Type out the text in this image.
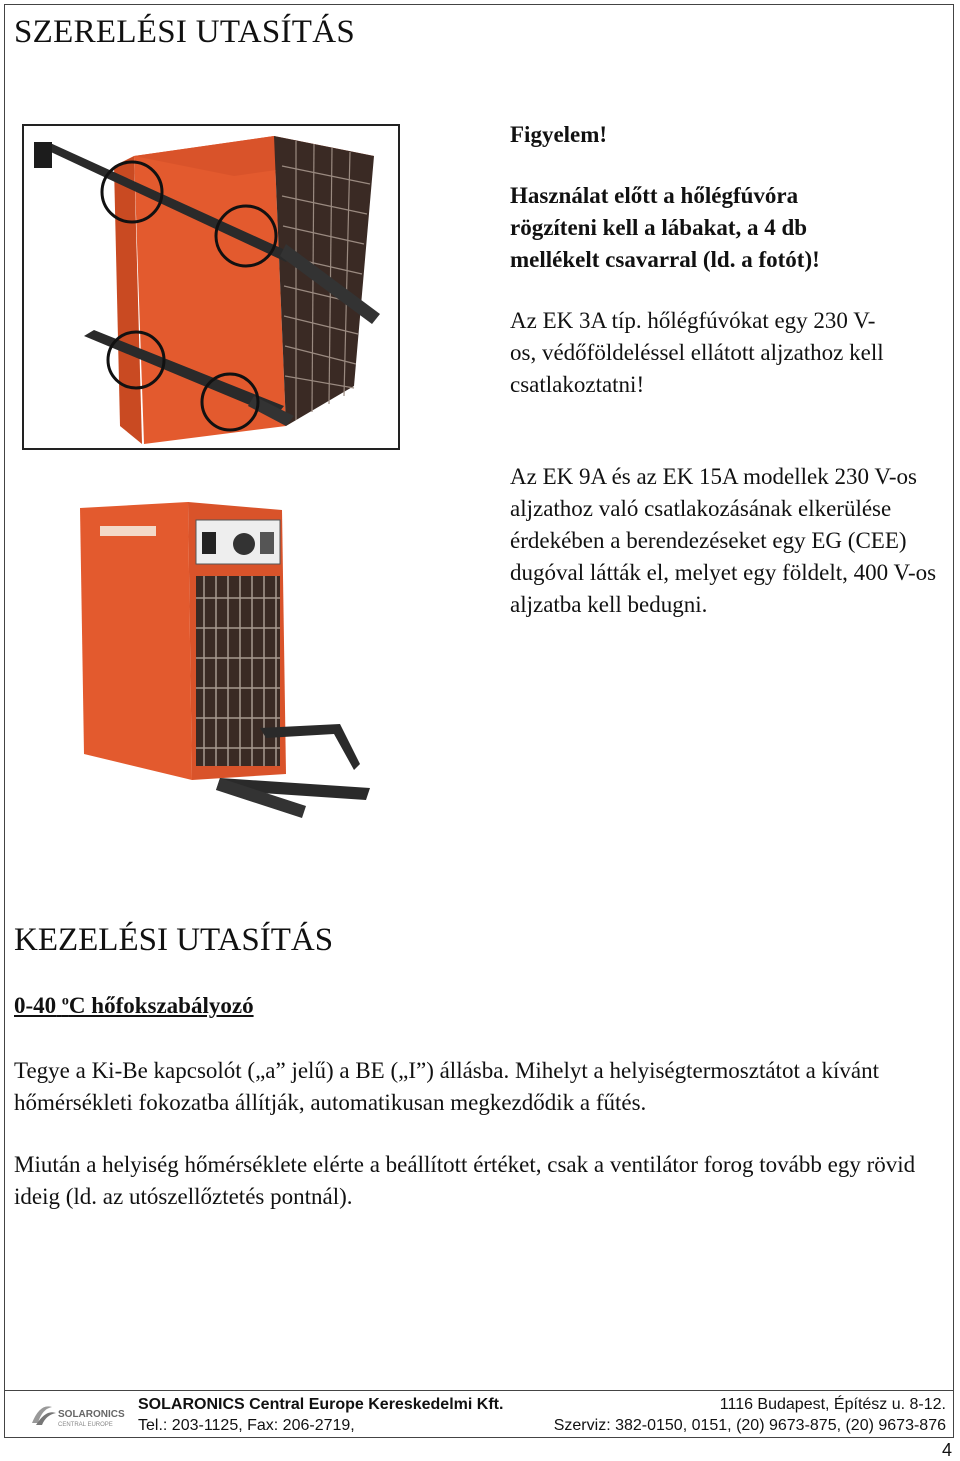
SZERELÉSI UTASÍTÁS
Figyelem!
Használat előtt a hőlégfúvóra rögzíteni kell a lábakat, a 4 db mellékelt csavarral (ld. a fotót)!
Az EK 3A típ. hőlégfúvókat egy 230 V-os, védőföldeléssel ellátott aljzathoz kell csatlakoztatni!
Az EK 9A és az EK 15A modellek 230 V-os aljzathoz való csatlakozásának elkerülése érdekében a berendezéseket egy EG (CEE) dugóval látták el, melyet egy földelt, 400 V-os aljzatba kell bedugni.
KEZELÉSI UTASÍTÁS
0-40 $^o$C hőfokszabályozó
Tegye a Ki-Be kapcsolót („a” jelű) a BE („I”) állásba. Mihelyt a helyiségtermosztátot a kívánt hőmérsékleti fokozatba állítják, automatikusan megkezdődik a fűtés.
Miután a helyiség hőmérséklete elérte a beállított értéket, csak a ventilátor forog tovább egy rövid ideig (ld. az utószellőztetés pontnál).
SOLARONICS
CENTRAL EUROPE
SOLARONICS Central Europe Kereskedelmi Kft.	1116 Budapest, Építész u. 8-12.
Tel.: 203-1125, Fax: 206-2719,	Szerviz: 382-0150, 0151, (20) 9673-875, (20) 9673-876
4
